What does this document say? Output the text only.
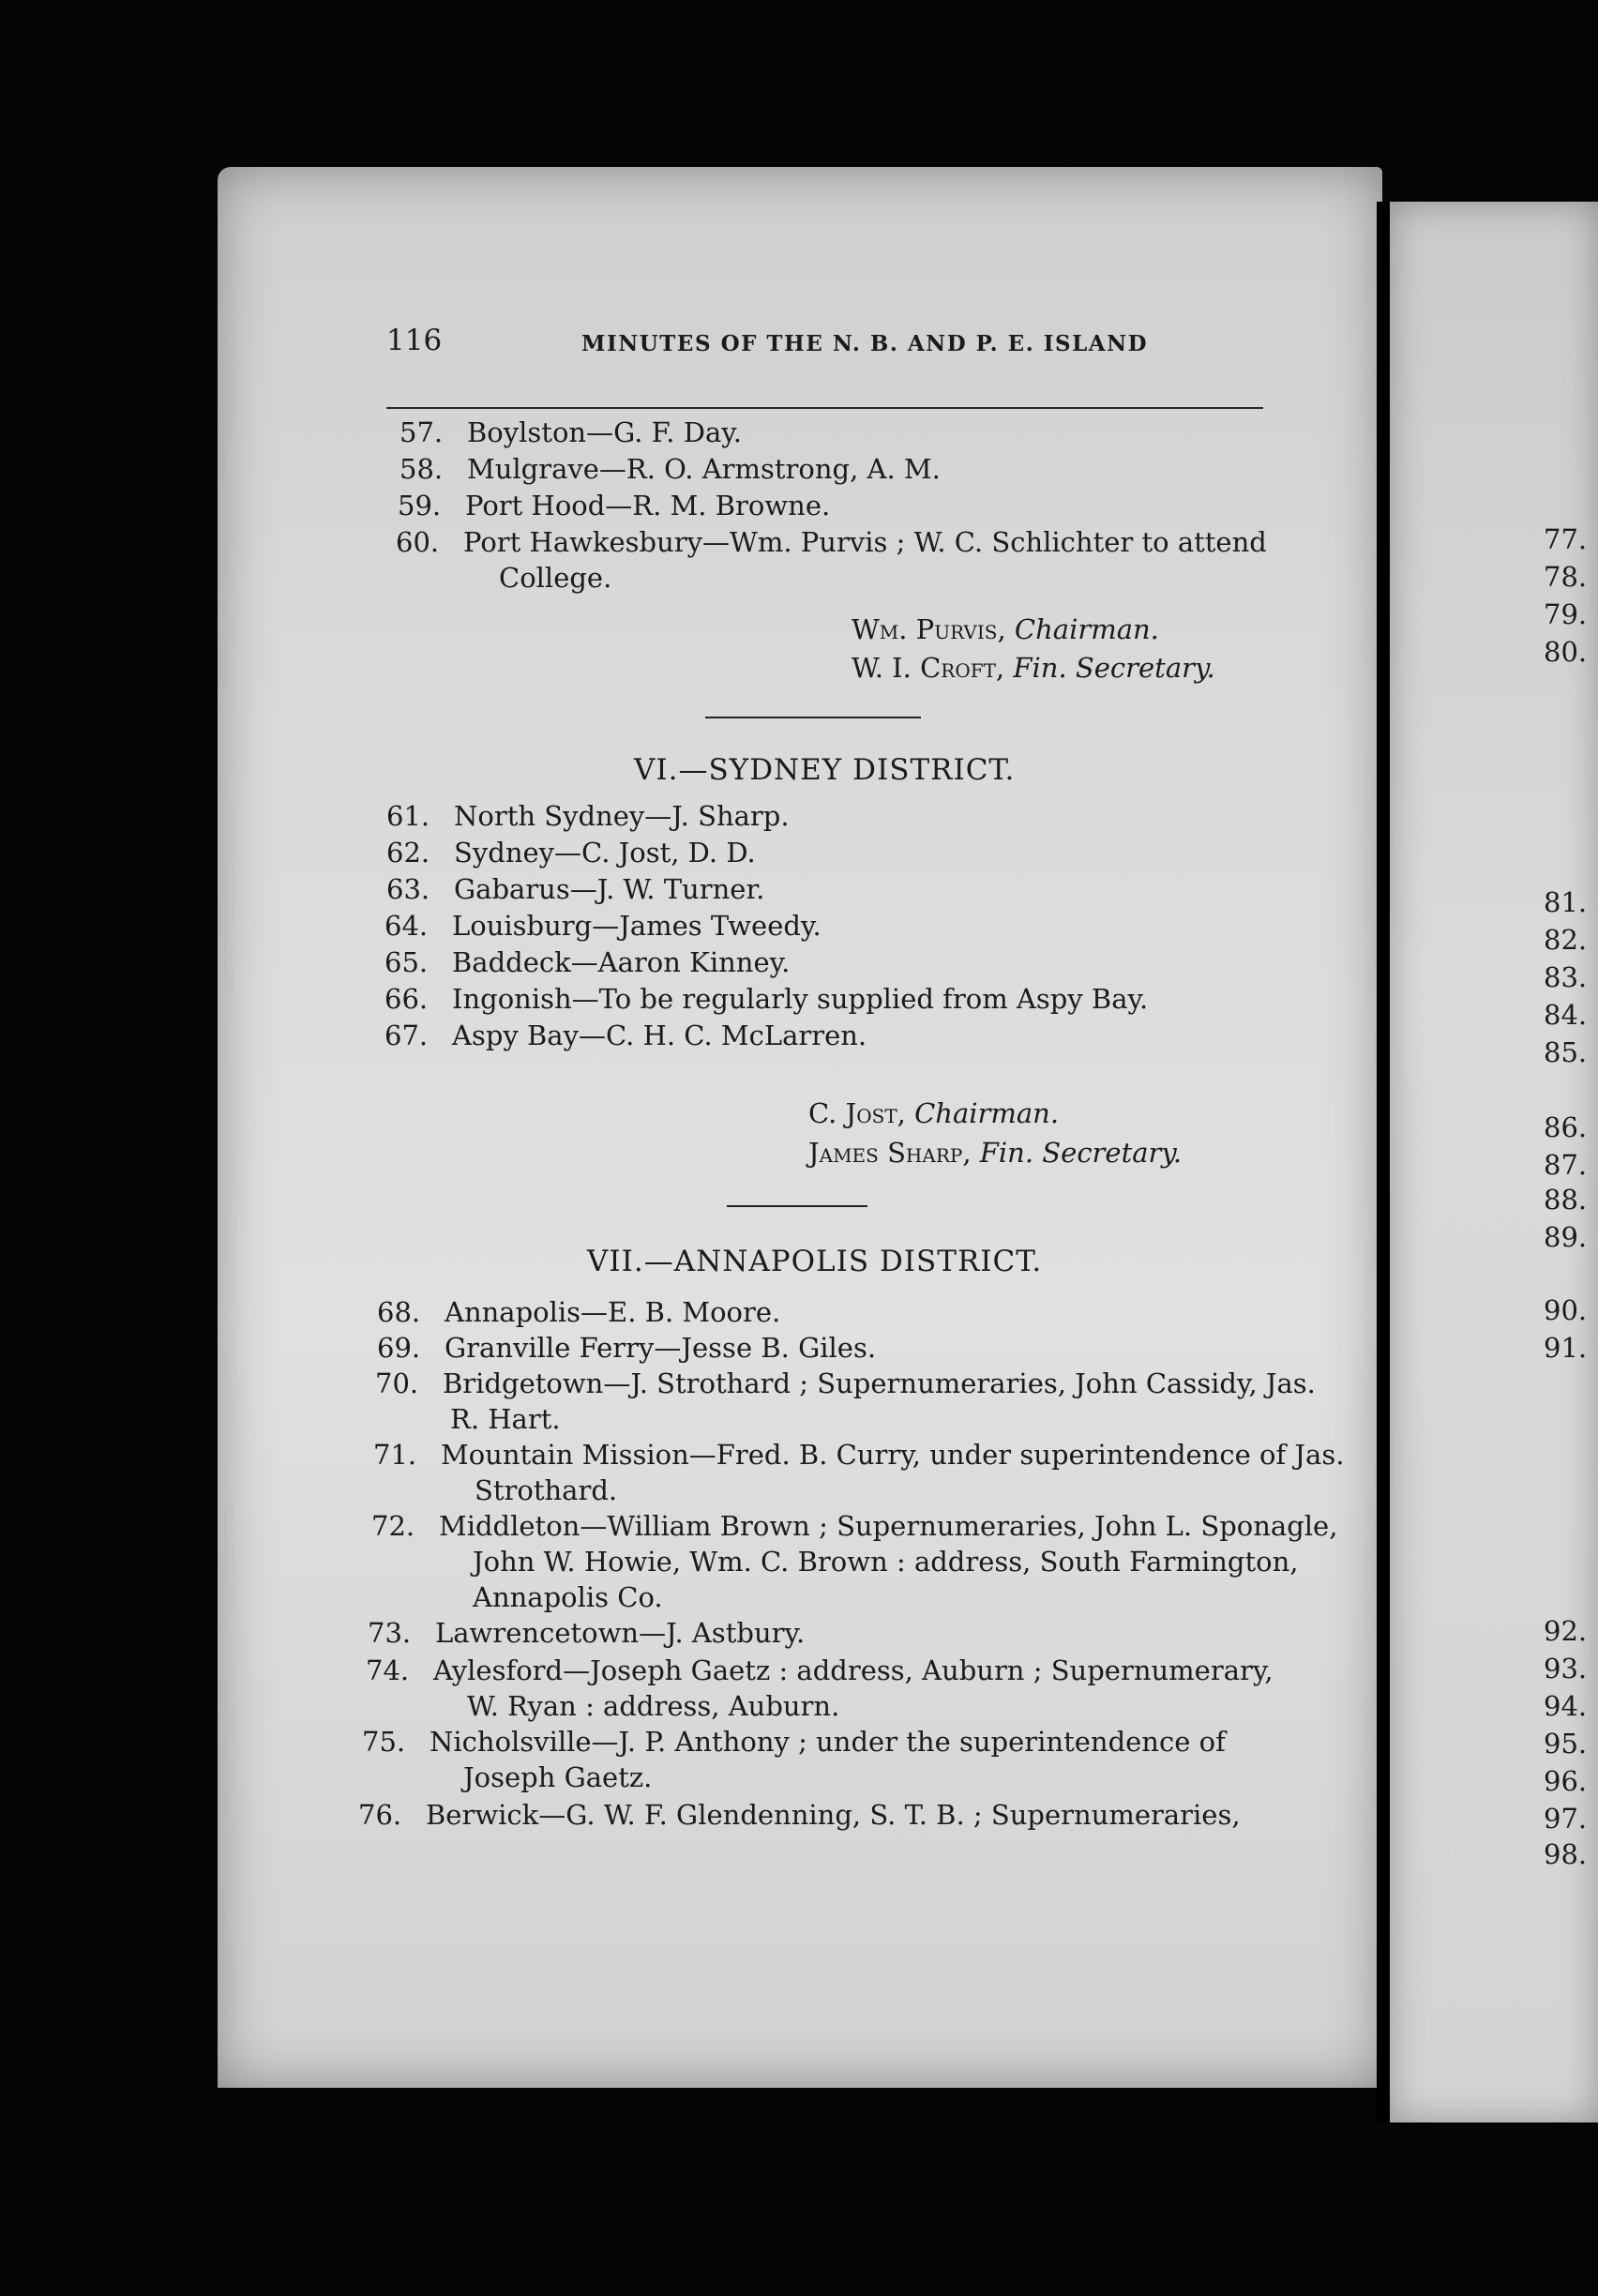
116	MINUTES OF THE N. B. AND P. E. ISLAND
57. Boylston—G. F. Day.
58. Mulgrave—R. O. Armstrong, A. M.
59. Port Hood—R. M. Browne.
60. Port Hawkesbury—Wm. Purvis ; W. C. Schlichter to attend
College.
Wm. Purvis, Chairman.
W. I. Croft, Fin. Secretary.
VI.—SYDNEY DISTRICT.
61. North Sydney—J. Sharp.
62. Sydney—C. Jost, D. D.
63. Gabarus—J. W. Turner.
64. Louisburg—James Tweedy.
65. Baddeck—Aaron Kinney.
66. Ingonish—To be regularly supplied from Aspy Bay.
67. Aspy Bay—C. H. C. McLarren.
C. Jost, Chairman.
James Sharp, Fin. Secretary.
VII.—ANNAPOLIS DISTRICT.
68. Annapolis—E. B. Moore.
69. Granville Ferry—Jesse B. Giles.
70. Bridgetown—J. Strothard ; Supernumeraries, John Cassidy, Jas.
R. Hart.
71. Mountain Mission—Fred. B. Curry, under superintendence of Jas.
Strothard.
72. Middleton—William Brown ; Supernumeraries, John L. Sponagle,
John W. Howie, Wm. C. Brown : address, South Farmington,
Annapolis Co.
73. Lawrencetown—J. Astbury.
74. Aylesford—Joseph Gaetz : address, Auburn ; Supernumerary,
W. Ryan : address, Auburn.
75. Nicholsville—J. P. Anthony ; under the superintendence of
Joseph Gaetz.
76. Berwick—G. W. F. Glendenning, S. T. B. ; Supernumeraries,
77.
78.
79.
80.
81.
82.
83.
84.
85.
86.
87.
88.
89.
90.
91.
92.
93.
94.
95.
96.
97.
98.
